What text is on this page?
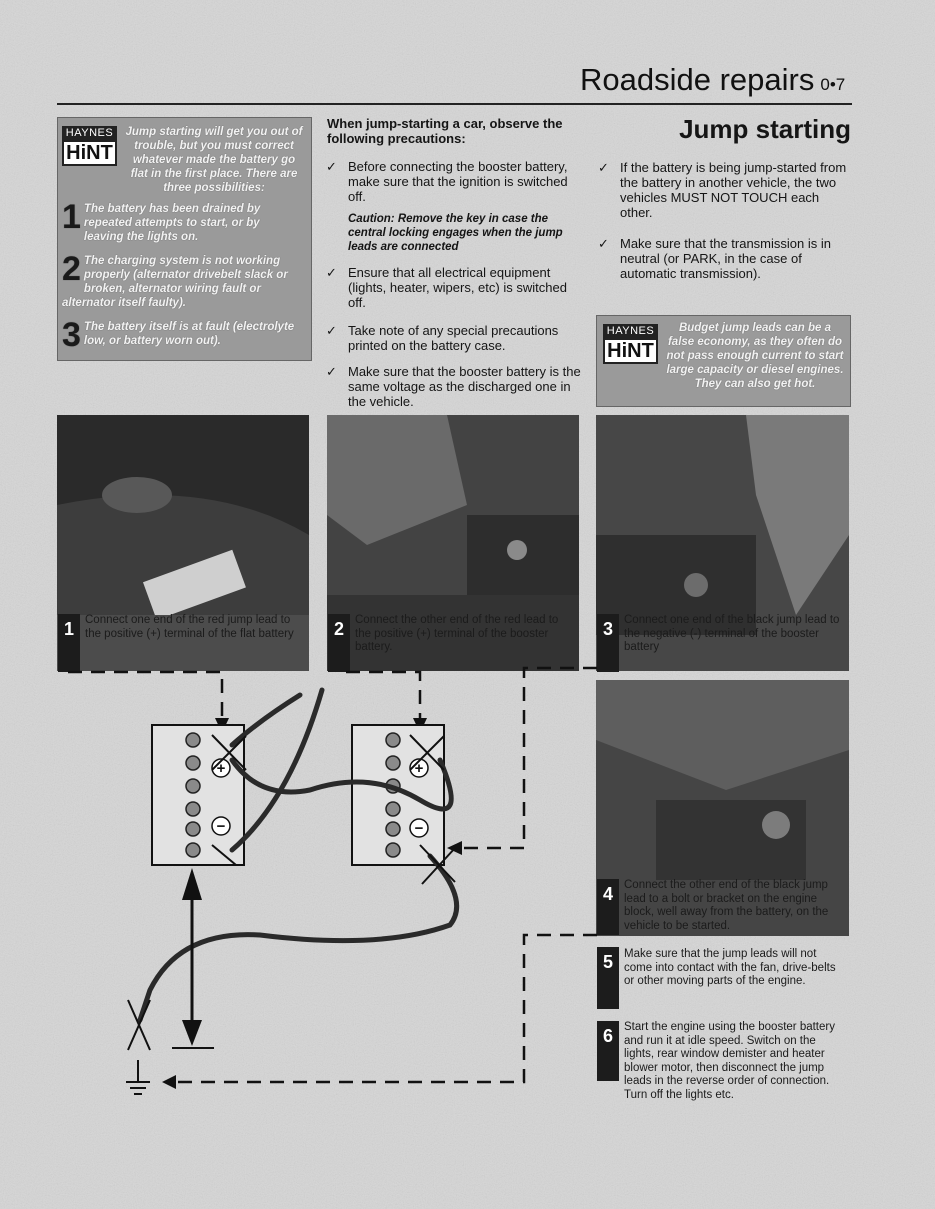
Roadside repairs 0•7
Jump starting
HAYNES
HiNT
Jump starting will get you out of trouble, but you must correct whatever made the battery go flat in the first place. There are three possibilities:
1 The battery has been drained by repeated attempts to start, or by leaving the lights on.
2 The charging system is not working properly (alternator drivebelt slack or broken, alternator wiring fault or alternator itself faulty).
3 The battery itself is at fault (electrolyte low, or battery worn out).
When jump-starting a car, observe the following precautions:
✓ Before connecting the booster battery, make sure that the ignition is switched off.
Caution: Remove the key in case the central locking engages when the jump leads are connected
✓ Ensure that all electrical equipment (lights, heater, wipers, etc) is switched off.
✓ Take note of any special precautions printed on the battery case.
✓ Make sure that the booster battery is the same voltage as the discharged one in the vehicle.
✓ If the battery is being jump-started from the battery in another vehicle, the two vehicles MUST NOT TOUCH each other.
✓ Make sure that the transmission is in neutral (or PARK, in the case of automatic transmission).
HAYNES
HiNT
Budget jump leads can be a false economy, as they often do not pass enough current to start large capacity or diesel engines. They can also get hot.
1 Connect one end of the red jump lead to the positive (+) terminal of the flat battery	2 Connect the other end of the red lead to the positive (+) terminal of the booster battery.
3 Connect one end of the black jump lead to the negative (-) terminal of the booster battery
4 Connect the other end of the black jump lead to a bolt or bracket on the engine block, well away from the battery, on the vehicle to be started.
5 Make sure that the jump leads will not come into contact with the fan, drive-belts or other moving parts of the engine.
6 Start the engine using the booster battery and run it at idle speed. Switch on the lights, rear window demister and heater blower motor, then disconnect the jump leads in the reverse order of connection. Turn off the lights etc.
+
−
+
−
